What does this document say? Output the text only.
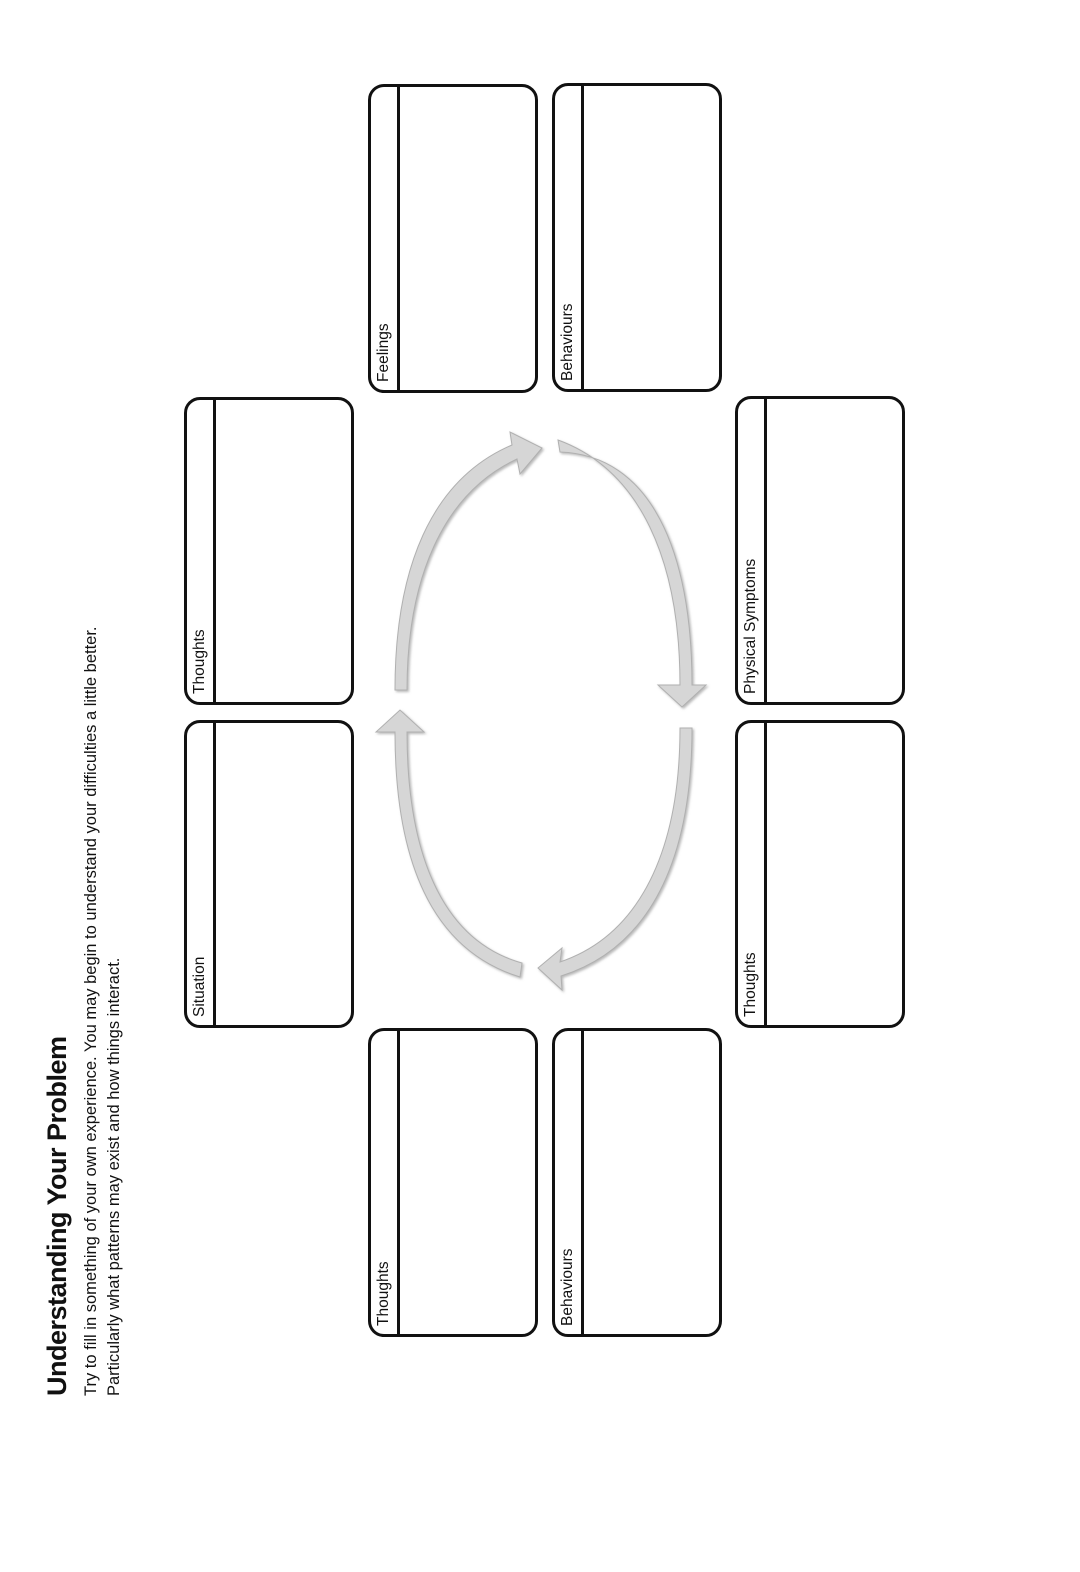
Understanding Your Problem Try to fill in something of your own experience. You may begin to understand your difficulties a little better. Particularly what patterns may exist and how things interact.	Situation
Thoughts
Thoughts
Feelings
Behaviours
Behaviours
Thoughts
Physical Symptoms
